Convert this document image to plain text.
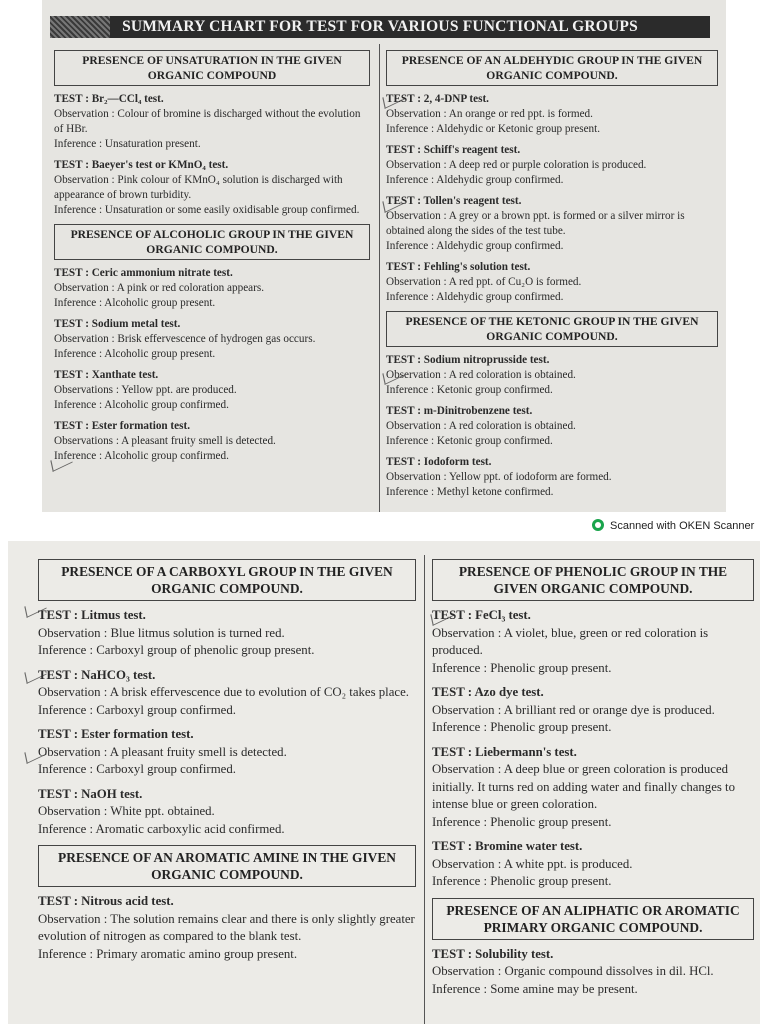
SUMMARY CHART FOR TEST FOR VARIOUS FUNCTIONAL GROUPS
PRESENCE OF UNSATURATION IN THE GIVEN ORGANIC COMPOUND
TEST : Br₂—CCl₄ test.
Observation : Colour of bromine is discharged without the evolution of HBr.
Inference : Unsaturation present.
TEST : Baeyer's test or KMnO₄ test.
Observation : Pink colour of KMnO₄ solution is discharged with appearance of brown turbidity.
Inference : Unsaturation or some easily oxidisable group confirmed.
PRESENCE OF ALCOHOLIC GROUP IN THE GIVEN ORGANIC COMPOUND.
TEST : Ceric ammonium nitrate test.
Observation : A pink or red coloration appears.
Inference : Alcoholic group present.
TEST : Sodium metal test.
Observation : Brisk effervescence of hydrogen gas occurs.
Inference : Alcoholic group present.
TEST : Xanthate test.
Observations : Yellow ppt. are produced.
Inference : Alcoholic group confirmed.
TEST : Ester formation test.
Observations : A pleasant fruity smell is detected.
Inference : Alcoholic group confirmed.
PRESENCE OF AN ALDEHYDIC GROUP IN THE GIVEN ORGANIC COMPOUND.
TEST : 2, 4-DNP test.
Observation : An orange or red ppt. is formed.
Inference : Aldehydic or Ketonic group present.
TEST : Schiff's reagent test.
Observation : A deep red or purple coloration is produced.
Inference : Aldehydic group confirmed.
TEST : Tollen's reagent test.
Observation : A grey or a brown ppt. is formed or a silver mirror is obtained along the sides of the test tube.
Inference : Aldehydic group confirmed.
TEST : Fehling's solution test.
Observation : A red ppt. of Cu₂O is formed.
Inference : Aldehydic group confirmed.
PRESENCE OF THE KETONIC GROUP IN THE GIVEN ORGANIC COMPOUND.
TEST : Sodium nitroprusside test.
Observation : A red coloration is obtained.
Inference : Ketonic group confirmed.
TEST : m-Dinitrobenzene test.
Observation : A red coloration is obtained.
Inference : Ketonic group confirmed.
TEST : Iodoform test.
Observation : Yellow ppt. of iodoform are formed.
Inference : Methyl ketone confirmed.
Scanned with OKEN Scanner
PRESENCE OF A CARBOXYL GROUP IN THE GIVEN ORGANIC COMPOUND.
TEST : Litmus test.
Observation : Blue litmus solution is turned red.
Inference : Carboxyl group of phenolic group present.
TEST : NaHCO₃ test.
Observation : A brisk effervescence due to evolution of CO₂ takes place.
Inference : Carboxyl group confirmed.
TEST : Ester formation test.
Observation : A pleasant fruity smell is detected.
Inference : Carboxyl group confirmed.
TEST : NaOH test.
Observation : White ppt. obtained.
Inference : Aromatic carboxylic acid confirmed.
PRESENCE OF AN AROMATIC AMINE IN THE GIVEN ORGANIC COMPOUND.
TEST : Nitrous acid test.
Observation : The solution remains clear and there is only slightly greater evolution of nitrogen as compared to the blank test.
Inference : Primary aromatic amino group present.
PRESENCE OF PHENOLIC GROUP IN THE GIVEN ORGANIC COMPOUND.
TEST : FeCl₃ test.
Observation : A violet, blue, green or red coloration is produced.
Inference : Phenolic group present.
TEST : Azo dye test.
Observation : A brilliant red or orange dye is produced.
Inference : Phenolic group present.
TEST : Liebermann's test.
Observation : A deep blue or green coloration is produced initially. It turns red on adding water and finally changes to intense blue or green coloration.
Inference : Phenolic group present.
TEST : Bromine water test.
Observation : A white ppt. is produced.
Inference : Phenolic group present.
PRESENCE OF AN ALIPHATIC OR AROMATIC PRIMARY ORGANIC COMPOUND.
TEST : Solubility test.
Observation : Organic compound dissolves in dil. HCl.
Inference : Some amine may be present.
